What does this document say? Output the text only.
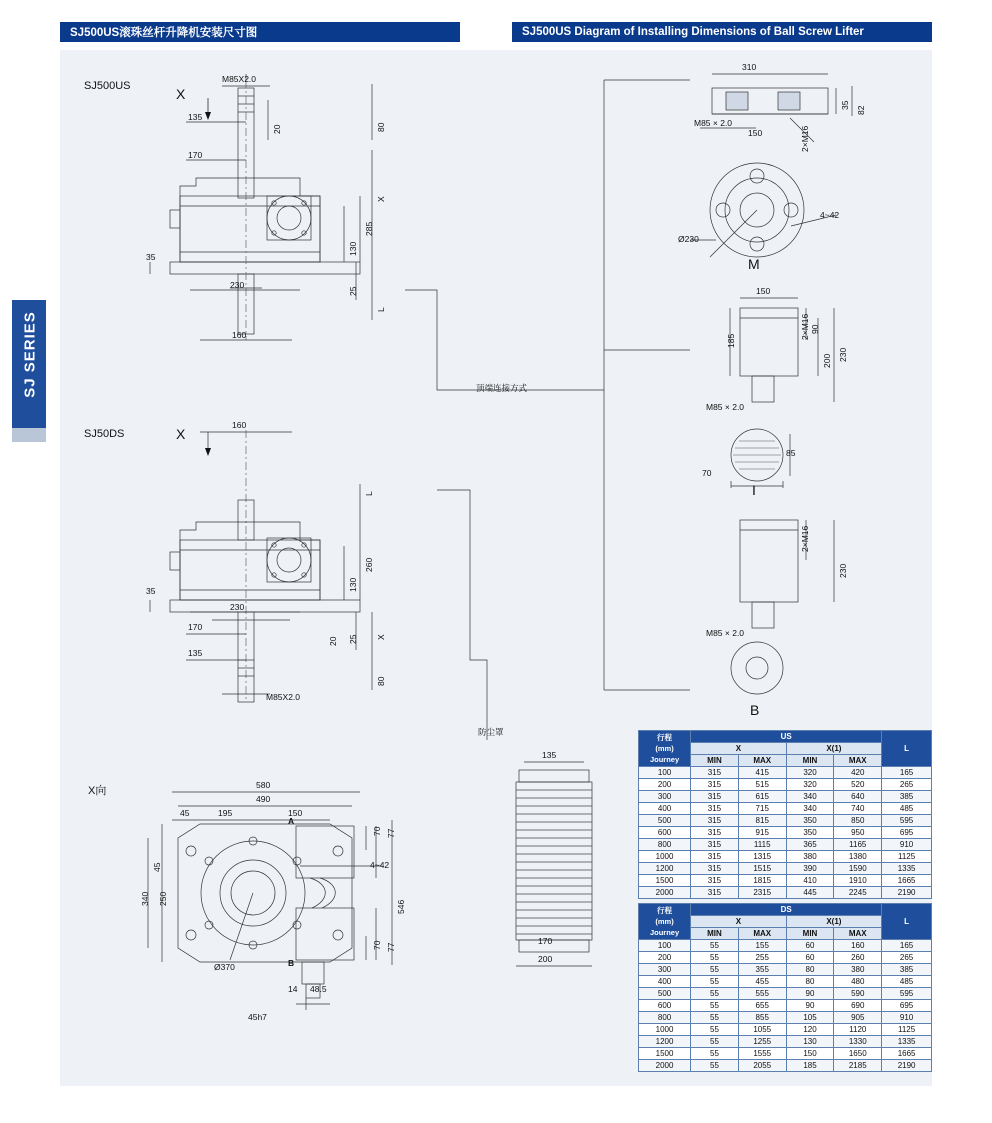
SJ500US滚珠丝杆升降机安装尺寸图	SJ500US Diagram of Installing Dimensions of Ball Screw Lifter
SJ SERIES
SJ500US	X
M85X2.0
20	80
135
170
285
130
35
230
25
160
L
X
SJ50DS	X
160
L
260
130
35
230
170
135
25
20
80
X
M85X2.0
X向	580
490
45	195	150
70 77
45
340 250
546
Ø370
4~42
A
B
70 77
14 48.5
45h7
顶端连接方式
防尘罩
135
170
200
310
35
82
M85 × 2.0
150	2×M16
4~42
Ø230
M
150
185
90
200 230
2×M16
M85 × 2.0
85
70
I
2×M16
230
M85 × 2.0
B
行程
(mm)
Journey	US				L
	X		X(1)		
	MIN	MAX	MIN	MAX	
100	315	415	320	420	165
200	315	515	320	520	265
300	315	615	340	640	385
400	315	715	340	740	485
500	315	815	350	850	595
600	315	915	350	950	695
800	315	1115	365	1165	910
1000	315	1315	380	1380	1125
1200	315	1515	390	1590	1335
1500	315	1815	410	1910	1665
2000	315	2315	445	2245	2190
行程
(mm)
Journey	DS				L
	X		X(1)		
	MIN	MAX	MIN	MAX	
100	55	155	60	160	165
200	55	255	60	260	265
300	55	355	80	380	385
400	55	455	80	480	485
500	55	555	90	590	595
600	55	655	90	690	695
800	55	855	105	905	910
1000	55	1055	120	1120	1125
1200	55	1255	130	1330	1335
1500	55	1555	150	1650	1665
2000	55	2055	185	2185	2190
